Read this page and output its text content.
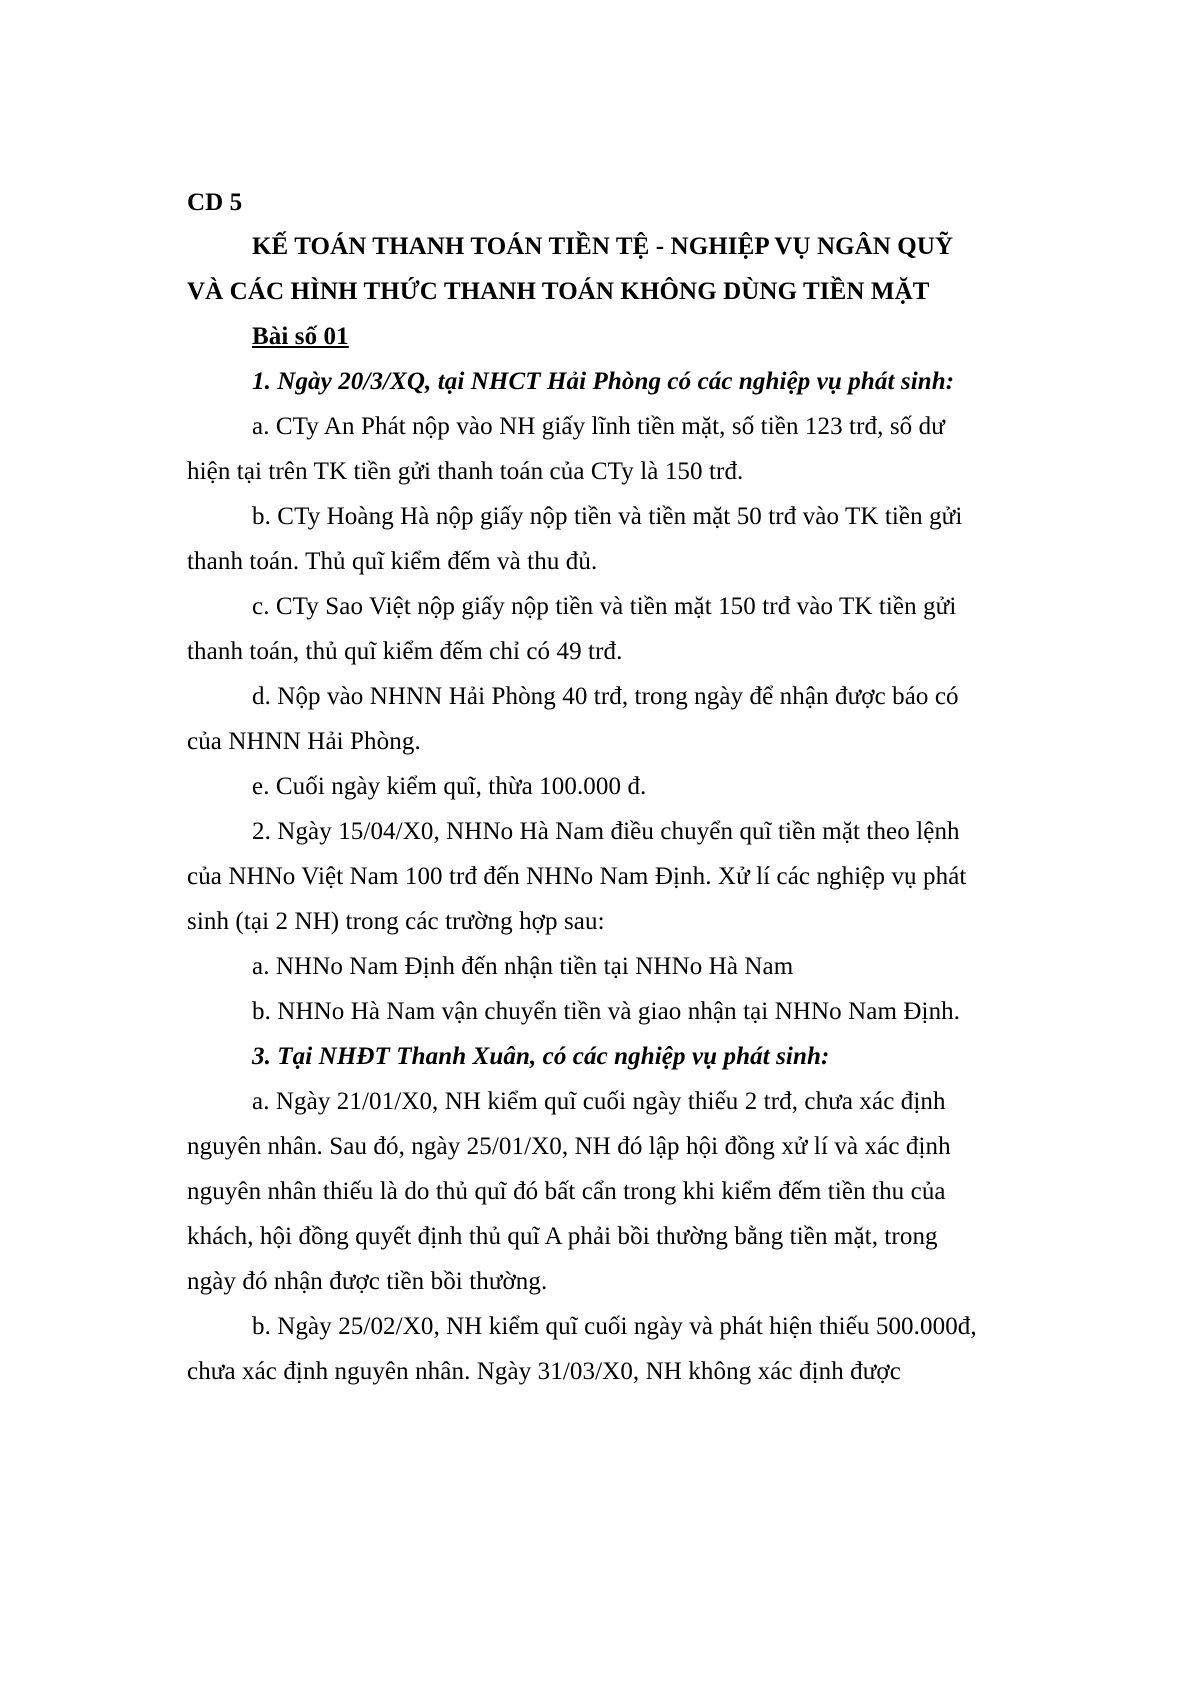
CD 5
KẾ TOÁN THANH TOÁN TIỀN TỆ - NGHIỆP VỤ NGÂN QUỸ
VÀ CÁC HÌNH THỨC THANH TOÁN KHÔNG DÙNG TIỀN MẶT
Bài số 01
1. Ngày 20/3/XQ, tại NHCT Hải Phòng có các nghiệp vụ phát sinh:
a. CTy An Phát nộp vào NH giấy lĩnh tiền mặt, số tiền 123 trđ, số dư
hiện tại trên TK tiền gửi thanh toán của CTy là 150 trđ.
b. CTy Hoàng Hà nộp giấy nộp tiền và tiền mặt 50 trđ vào TK tiền gửi
thanh toán. Thủ quĩ kiểm đếm và thu đủ.
c. CTy Sao Việt nộp giấy nộp tiền và tiền mặt 150 trđ vào TK tiền gửi
thanh toán, thủ quĩ kiểm đếm chỉ có 49 trđ.
d. Nộp vào NHNN Hải Phòng 40 trđ, trong ngày để nhận được báo có
của NHNN Hải Phòng.
e. Cuối ngày kiểm quĩ, thừa 100.000 đ.
2. Ngày 15/04/X0, NHNo Hà Nam điều chuyển quĩ tiền mặt theo lệnh
của NHNo Việt Nam 100 trđ đến NHNo Nam Định. Xử lí các nghiệp vụ phát
sinh (tại 2 NH) trong các trường hợp sau:
a. NHNo Nam Định đến nhận tiền tại NHNo Hà Nam
b. NHNo Hà Nam vận chuyển tiền và giao nhận tại NHNo Nam Định.
3. Tại NHĐT Thanh Xuân, có các nghiệp vụ phát sinh:
a. Ngày 21/01/X0, NH kiểm quĩ cuối ngày thiếu 2 trđ, chưa xác định
nguyên nhân. Sau đó, ngày 25/01/X0, NH đó lập hội đồng xử lí và xác định
nguyên nhân thiếu là do thủ quĩ đó bất cẩn trong khi kiểm đếm tiền thu của
khách, hội đồng quyết định thủ quĩ A phải bồi thường bằng tiền mặt, trong
ngày đó nhận được tiền bồi thường.
b. Ngày 25/02/X0, NH kiểm quĩ cuối ngày và phát hiện thiếu 500.000đ,
chưa xác định nguyên nhân. Ngày 31/03/X0, NH không xác định được
